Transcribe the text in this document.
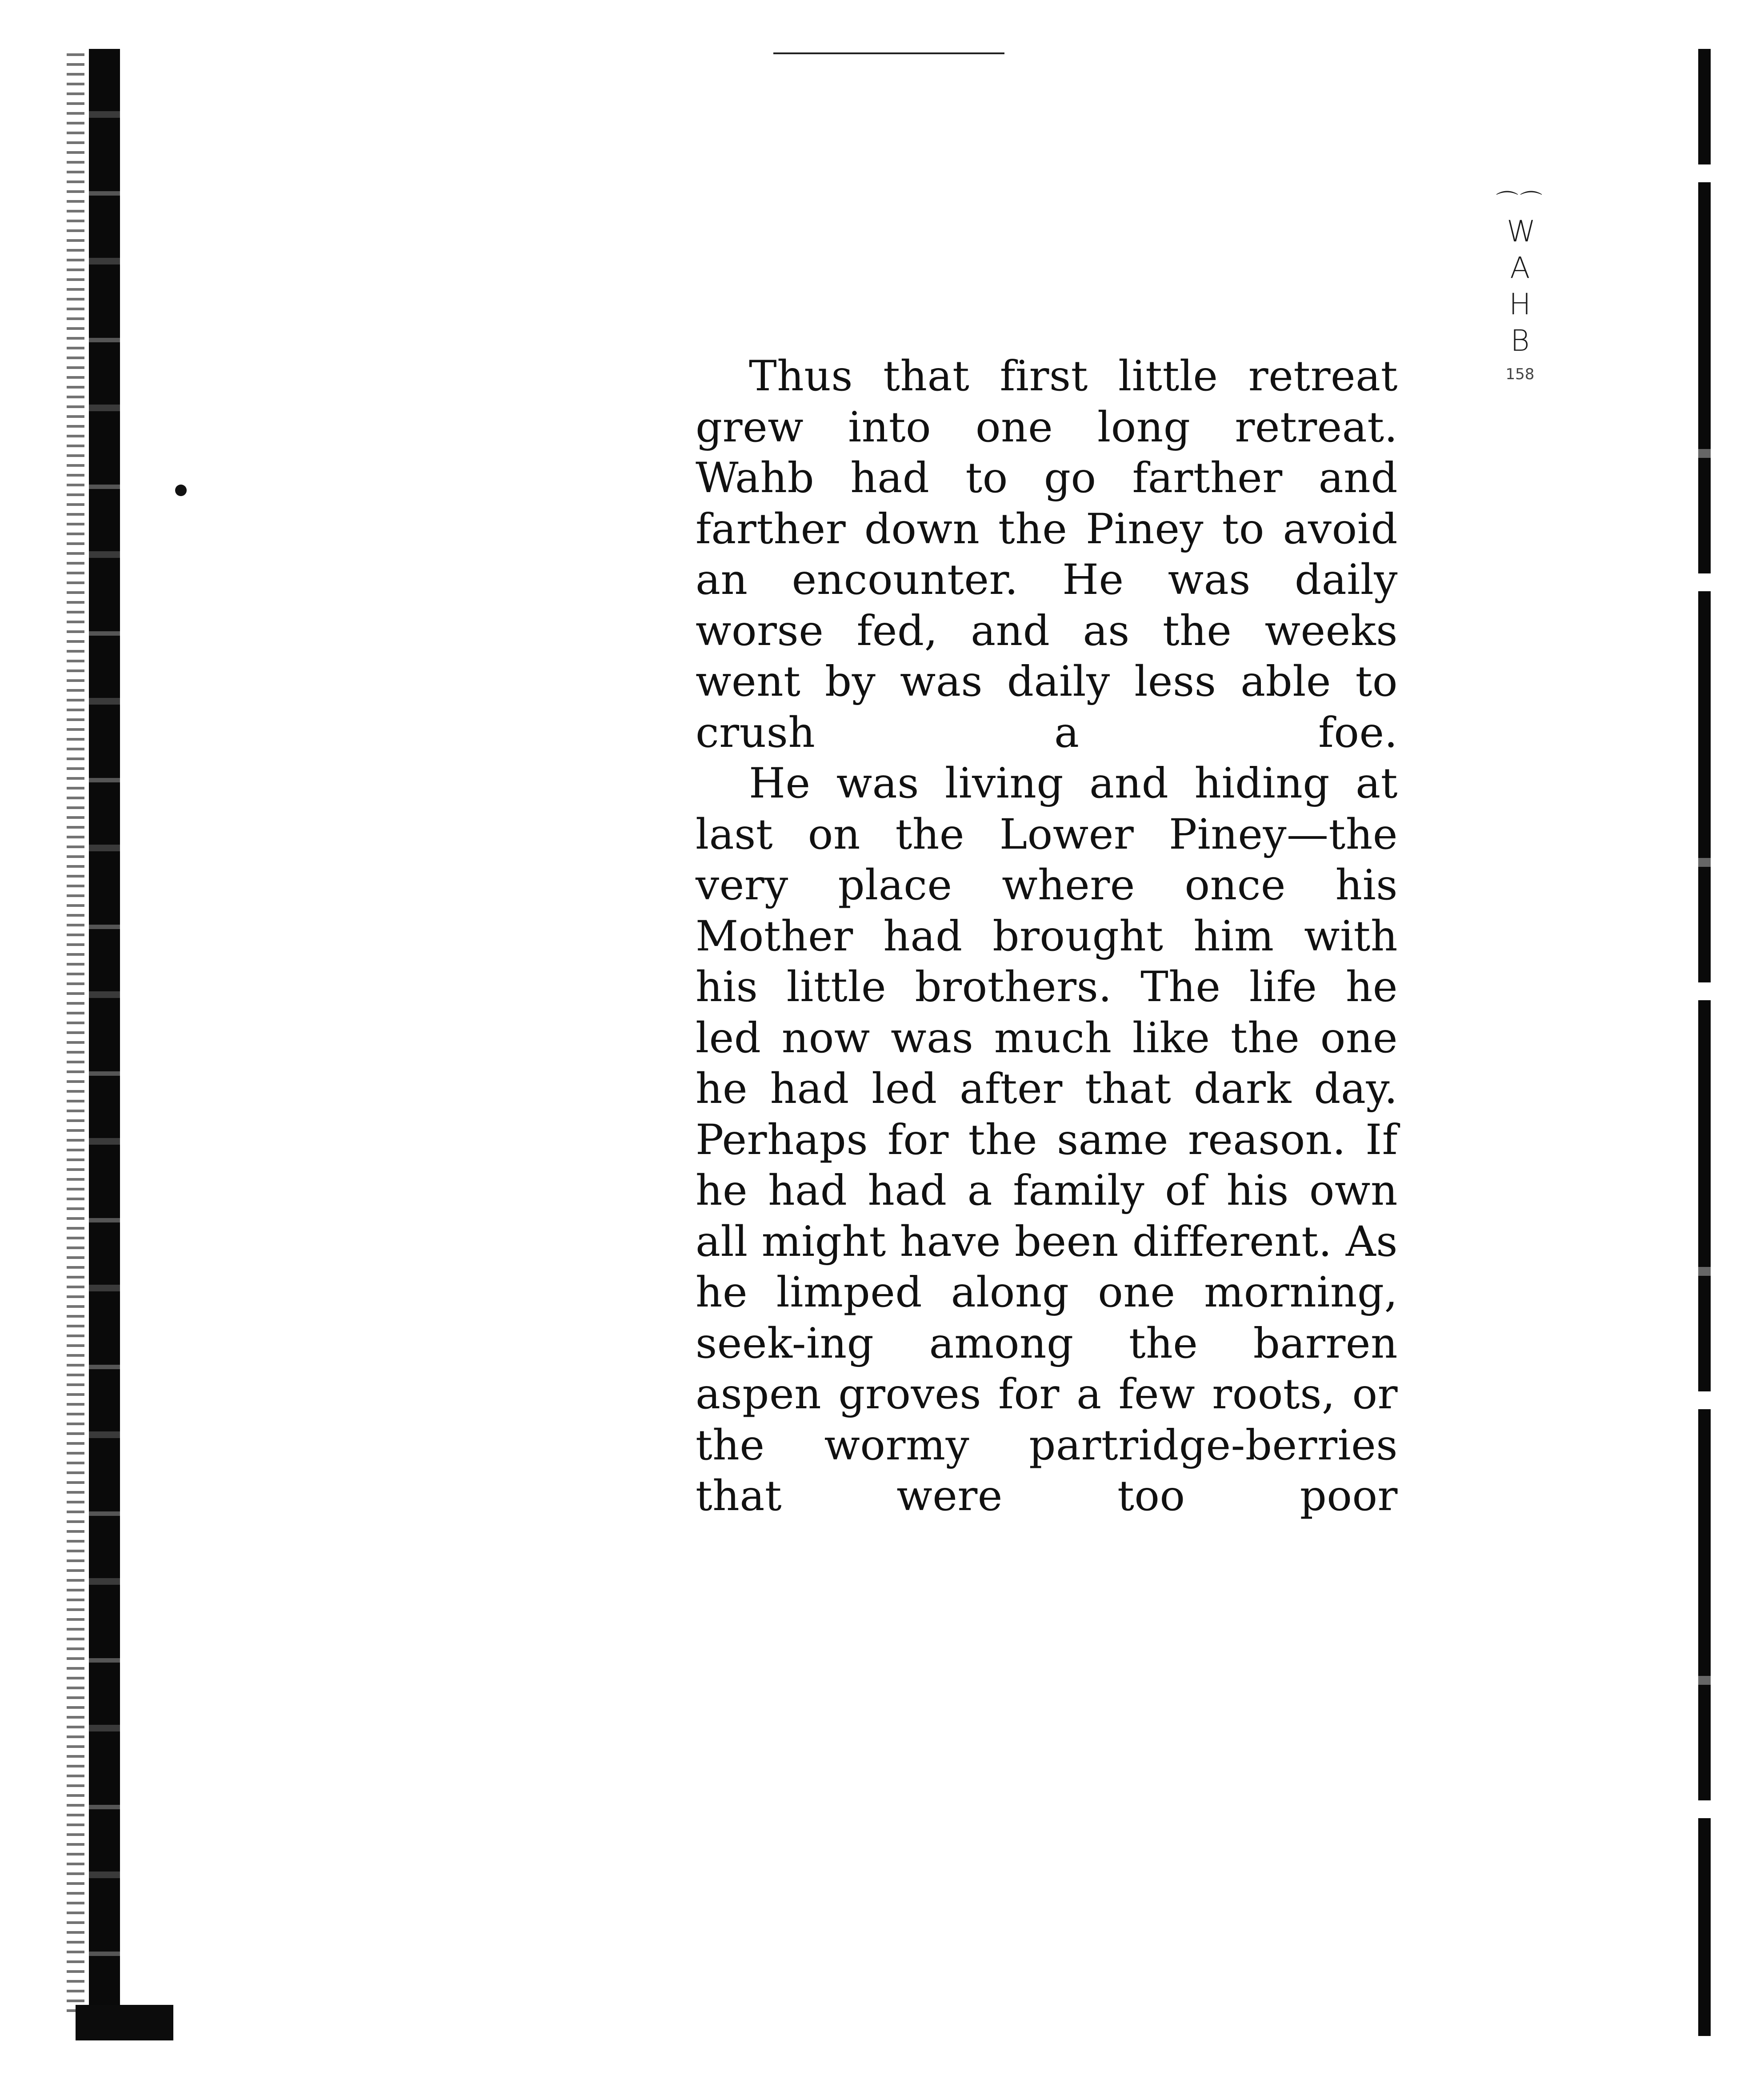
⌒⌒
WAHB
158

Thus that first little retreat grew into one long retreat. Wahb had to go farther and farther down the Piney to avoid an encounter. He was daily worse fed, and as the weeks went by was daily less able to crush a foe.

He was living and hiding at last on the Lower Piney—the very place where once his Mother had brought him with his little brothers. The life he led now was much like the one he had led after that dark day. Perhaps for the same reason. If he had had a family of his own all might have been different. As he limped along one morning, seek-ing among the barren aspen groves for a few roots, or the wormy partridge-berries that were too poor
